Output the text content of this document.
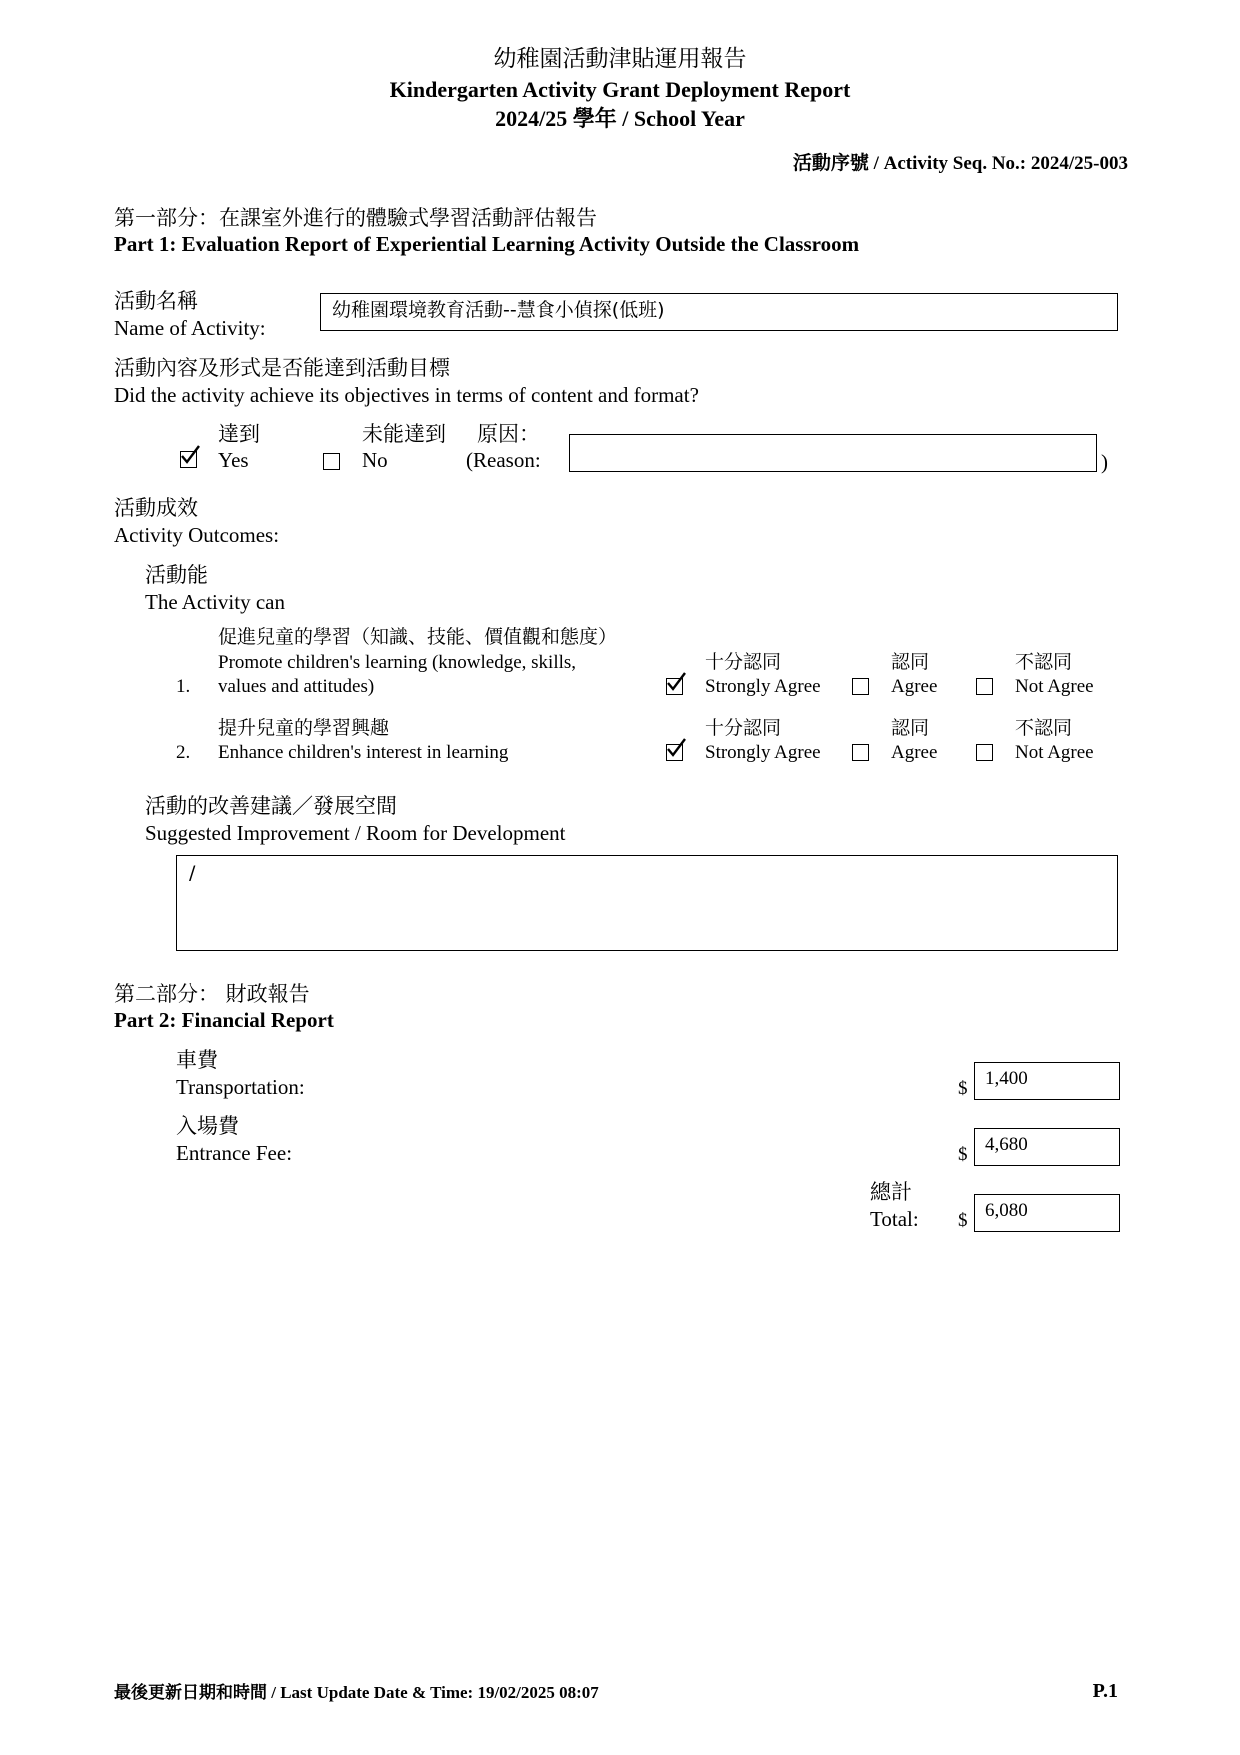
幼稚園活動津貼運用報告
Kindergarten Activity Grant Deployment Report
2024/25 學年 / School Year
活動序號 / Activity Seq. No.: 2024/25-003
第一部分：在課室外進行的體驗式學習活動評估報告
Part 1: Evaluation Report of Experiential Learning Activity Outside the Classroom
活動名稱
Name of Activity:
幼稚園環境教育活動--慧食小偵探(低班)
活動內容及形式是否能達到活動目標
Did the activity achieve its objectives in terms of content and format?
達到
Yes
未能達到
No
原因：
(Reason:	)
活動成效
Activity Outcomes:
活動能
The Activity can
促進兒童的學習（知識、技能、價值觀和態度）
Promote children's learning (knowledge, skills,
1. values and attitudes)
十分認同
Strongly Agree
認同
Agree
不認同
Not Agree
提升兒童的學習興趣
2. Enhance children's interest in learning
十分認同
Strongly Agree
認同
Agree
不認同
Not Agree
活動的改善建議／發展空間
Suggested Improvement / Room for Development
/
第二部分： 財政報告
Part 2: Financial Report
車費
Transportation:	$ 1,400
入場費
Entrance Fee:	$ 4,680
總計
Total: $ 6,080
最後更新日期和時間 / Last Update Date & Time: 19/02/2025 08:07	P.1
